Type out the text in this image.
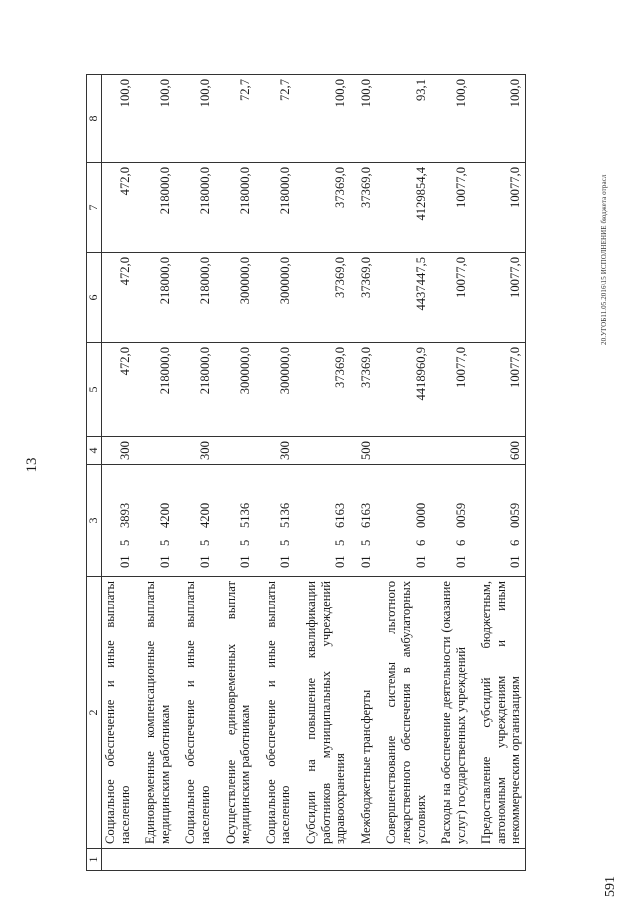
13
1	2	3	4	5	6	7	8
	Социальное обеспечение и иные выплаты населению	0153893	300	472,0	472,0	472,0	100,0
	Единовременные компенсационные выплаты медицинским работникам	0154200		218000,0	218000,0	218000,0	100,0
	Социальное обеспечение и иные выплаты населению	0154200	300	218000,0	218000,0	218000,0	100,0
	Осуществление единовременных выплат медицинским работникам	0155136		300000,0	300000,0	218000,0	72,7
	Социальное обеспечение и иные выплаты населению	0155136	300	300000,0	300000,0	218000,0	72,7
	Субсидии на повышение квалификации работников муниципальных учреждений здравоохранения	0156163		37369,0	37369,0	37369,0	100,0
	Межбюджетные трансферты	0156163	500	37369,0	37369,0	37369,0	100,0
	Совершенствование системы льготного лекарственного обеспечения в амбулаторных условиях	0160000		4418960,9	4437447,5	4129854,4	93,1
	Расходы на обеспечение деятельности (оказание услуг) государственных учреждений	0160059		10077,0	10077,0	10077,0	100,0
	Предоставление субсидий бюджетным, автономным учреждениям и иным некоммерческим организациям	0160059	600	10077,0	10077,0	10077,0	100,0
20.УГОБ11.05.2016\15 ИСПОЛНЕНИЕ бюджета отрасл
591
